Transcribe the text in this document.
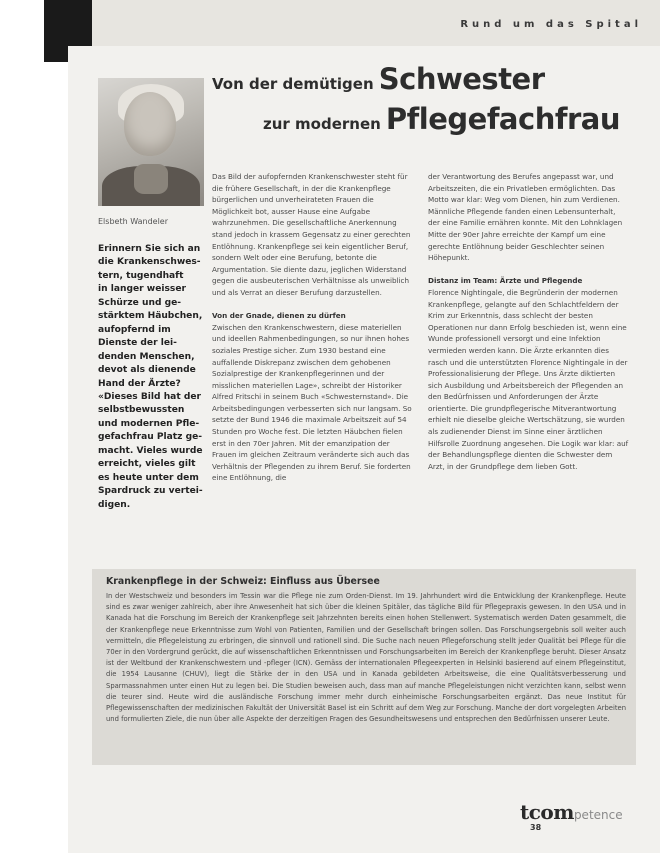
Rund um das Spital
Elsbeth Wandeler
Von der demütigen Schwester
zur modernen Pflegefachfrau
Erinnern Sie sich an
die Krankenschwes-
tern, tugendhaft
in langer weisser
Schürze und ge-
stärktem Häubchen,
aufopfernd im
Dienste der lei-
denden Menschen,
devot als dienende
Hand der Ärzte?
«Dieses Bild hat der
selbstbewussten
und modernen Pfle-
gefachfrau Platz ge-
macht. Vieles wurde
erreicht, vieles gilt
es heute unter dem
Spardruck zu vertei-
digen.

Das Bild der aufopfernden Krankenschwester steht für die frühere Gesellschaft, in der die Krankenpflege bürgerlichen und unverheirateten Frauen die Möglichkeit bot, ausser Hause eine Aufgabe wahrzunehmen. Die gesellschaftliche Anerkennung stand jedoch in krassem Gegensatz zu einer gerechten Entlöhnung. Krankenpflege sei kein eigentlicher Beruf, sondern Welt oder eine Berufung, betonte die Argumentation. Sie diente dazu, jeglichen Widerstand gegen die ausbeuterischen Verhältnisse als unweiblich und als Verrat an dieser Berufung darzustellen.

Von der Gnade, dienen zu dürfen

Zwischen den Krankenschwestern, diese materiellen und ideellen Rahmenbedingungen, so nur ihnen hohes soziales Prestige sicher. Zum 1930 bestand eine auffallende Diskrepanz zwischen dem gehobenen Sozialprestige der Krankenpflegerinnen und der misslichen materiellen Lage», schreibt der Historiker Alfred Fritschi in seinem Buch «Schwesternstand». Die Arbeitsbedingungen verbesserten sich nur langsam. So setzte der Bund 1946 die maximale Arbeitszeit auf 54 Stunden pro Woche fest. Die letzten Häubchen fielen erst in den 70er Jahren. Mit der emanzipation der Frauen im gleichen Zeitraum veränderte sich auch das Verhältnis der Pflegenden zu ihrem Beruf. Sie forderten eine Entlöhnung, die

der Verantwortung des Berufes angepasst war, und Arbeitszeiten, die ein Privatleben ermöglichten. Das Motto war klar: Weg vom Dienen, hin zum Verdienen. Männliche Pflegende fanden einen Lebensunterhalt, der eine Familie ernähren konnte. Mit den Lohnklagen Mitte der 90er Jahre erreichte der Kampf um eine gerechte Entlöhnung beider Geschlechter seinen Höhepunkt.

Distanz im Team: Ärzte und Pflegende

Florence Nightingale, die Begründerin der modernen Krankenpflege, gelangte auf den Schlachtfeldern der Krim zur Erkenntnis, dass schlecht der besten Operationen nur dann Erfolg beschieden ist, wenn eine Wunde professionell versorgt und eine Infektion vermieden werden kann. Die Ärzte erkannten dies rasch und die unterstützten Florence Nightingale in der Professionalisierung der Pflege. Uns Ärzte diktierten sich Ausbildung und Arbeitsbereich der Pflegenden an den Bedürfnissen und Anforderungen der Ärzte orientierte. Die grundpflegerische Mitverantwortung erhielt nie dieselbe gleiche Wertschätzung, sie wurden als zudienender Dienst im Sinne einer ärztlichen Hilfsrolle Zuordnung angesehen. Die Logik war klar: auf der Behandlungspflege dienten die Schwester dem Arzt, in der Grundpflege dem lieben Gott.

Krankenpflege in der Schweiz: Einfluss aus Übersee
In der Westschweiz und besonders im Tessin war die Pflege nie zum Orden-Dienst. Im 19. Jahrhundert wird die Entwicklung der Krankenpflege. Heute sind es zwar weniger zahlreich, aber ihre Anwesenheit hat sich über die kleinen Spitäler, das tägliche Bild für Pflegepraxis gewesen. In den USA und in Kanada hat die Forschung im Bereich der Krankenpflege seit Jahrzehnten bereits einen hohen Stellenwert. Systematisch werden Daten gesammelt, die der Krankenpflege neue Erkenntnisse zum Wohl von Patienten, Familien und der Gesellschaft bringen sollen. Das Forschungsergebnis soll weiter auch vermitteln, die Pflegeleistung zu erbringen, die sinnvoll und rationell sind. Die Suche nach neuen Pflegeforschung stellt jeder Qualität bei Pflege für die 70er in den Vordergrund gerückt, die auf wissenschaftlichen Erkenntnissen und Forschungsarbeiten im Bereich der Krankenpflege beruht. Dieser Ansatz ist der Weltbund der Krankenschwestern und -pfleger (ICN). Gemäss der internationalen Pflegeexperten in Helsinki basierend auf einem Pflegeinstitut, die 1954 Lausanne (CHUV), liegt die Stärke der in den USA und in Kanada gebildeten Arbeitsweise, die eine Qualitätsverbesserung und Sparmassnahmen unter einen Hut zu legen bei. Die Studien beweisen auch, dass man auf manche Pflegeleistungen nicht verzichten kann, selbst wenn die teurer sind. Heute wird die ausländische Forschung immer mehr durch einheimische Forschungsarbeiten ergänzt. Das neue Institut für Pflegewissenschaften der medizinischen Fakultät der Universität Basel ist ein Schritt auf dem Weg zur Forschung. Manche der dort vorgelegten Arbeiten und formulierten Ziele, die nun über alle Aspekte der derzeitigen Fragen des Gesundheitswesens und entsprechen den Bedürfnissen unserer Leute.
tcompetence
38
